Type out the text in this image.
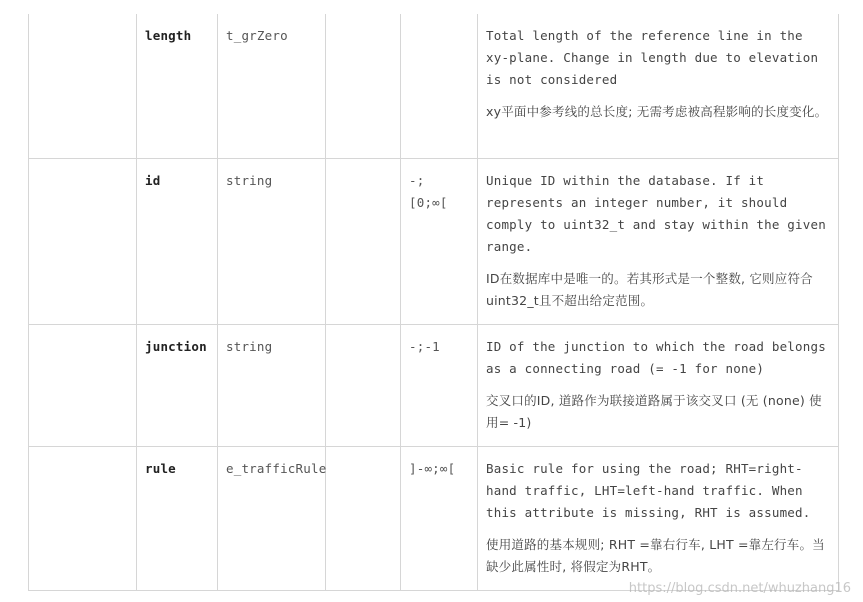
	length	t_grZero			Total length of the reference line in the xy-plane. Change in length due to elevation is not considered
xy平面中参考线的总长度; 无需考虑被高程影响的长度变化。

	id	string		-; [0;∞[	Unique ID within the database. If it represents an integer number, it should comply to uint32_t and stay within the given range.
ID在数据库中是唯一的。若其形式是一个整数, 它则应符合uint32_t且不超出给定范围。

	junction	string		-;-1	ID of the junction to which the road belongs as a connecting road (= -1 for none)
交叉口的ID, 道路作为联接道路属于该交叉口 (无 (none) 使用= -1)

	rule	e_trafficRule		]-∞;∞[	Basic rule for using the road; RHT=right-hand traffic, LHT=left-hand traffic. When this attribute is missing, RHT is assumed.
使用道路的基本规则; RHT =靠右行车, LHT =靠左行车。当缺少此属性时, 将假定为RHT。
https://blog.csdn.net/whuzhang16
